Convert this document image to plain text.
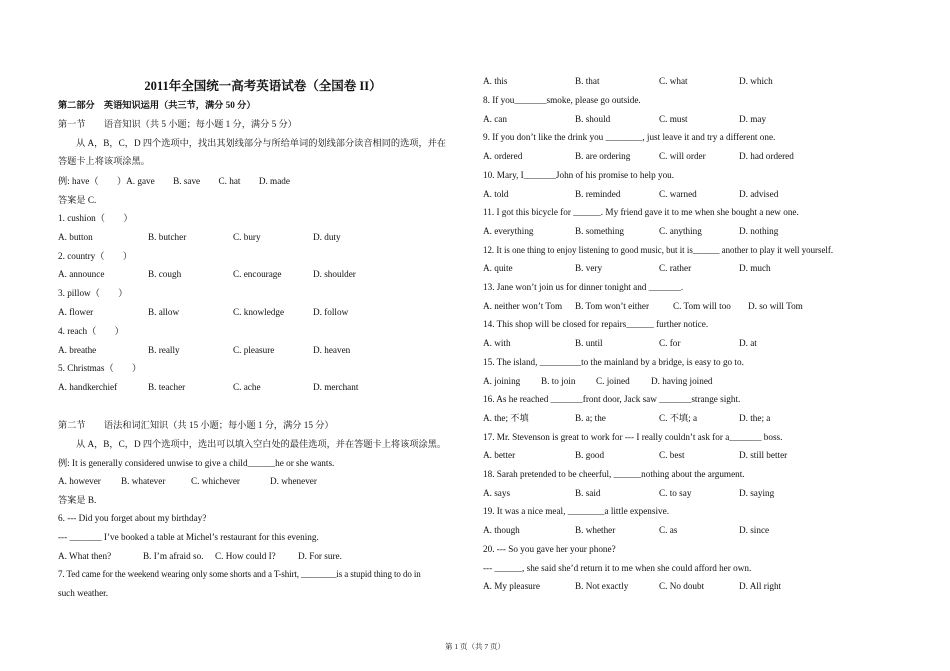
2011年全国统一高考英语试卷（全国卷 II）
第二部分　英语知识运用（共三节，满分 50 分）
第一节　　语音知识（共 5 小题；每小题 1 分，满分 5 分）
从 A，B，C，D 四个选项中，找出其划线部分与所给单词的划线部分读音相同的选项，并在
答题卡上将该项涂黑。
例: have（　　）A. gave　　B. save　　C. hat　　D. made
答案是 C.
1. cushion（　　）
A. button	B. butcher	C. bury	D. duty
2. country（　　）
A. announce	B. cough	C. encourage	D. shoulder
3. pillow（　　）
A. flower	B. allow	C. knowledge	D. follow
4. reach（　　）
A. breathe	B. really	C. pleasure	D. heaven
5. Christmas（　　）
A. handkerchief	B. teacher	C. ache	D. merchant
第二节　　语法和词汇知识（共 15 小题；每小题 1 分，满分 15 分）
从 A，B，C，D 四个选项中，选出可以填入空白处的最佳选项，并在答题卡上将该项涂黑。
例: It is generally considered unwise to give a child______he or she wants.
A. however B. whatever	C. whichever	D. whenever
答案是 B.
6. --- Did you forget about my birthday?
--- _______ I’ve booked a table at Michel’s restaurant for this evening.
A. What then?	B. I’m afraid so. C. How could I? D. For sure.
7. Ted came for the weekend wearing only some shorts and a T-shirt, ________is a stupid thing to do in
such weather.
A. this	B. that	C. what	D. which
8. If you_______smoke, please go outside.
A. can	B. should	C. must	D. may
9. If you don’t like the drink you ________, just leave it and try a different one.
A. ordered	B. are ordering	C. will order	D. had ordered
10. Mary, I_______John of his promise to help you.
A. told	B. reminded	C. warned	D. advised
11. I got this bicycle for ______. My friend gave it to me when she bought a new one.
A. everything	B. something	C. anything	D. nothing
12. It is one thing to enjoy listening to good music, but it is______ another to play it well yourself.
A. quite	B. very	C. rather	D. much
13. Jane won’t join us for dinner tonight and _______.
A. neither won’t Tom B. Tom won’t either	C. Tom will too D. so will Tom
14. This shop will be closed for repairs______ further notice.
A. with	B. until	C. for	D. at
15. The island, _________to the mainland by a bridge, is easy to go to.
A. joining B. to join C. joined D. having joined
16. As he reached _______front door, Jack saw _______strange sight.
A. the; 不填	B. a; the	C. 不填; a	D. the; a
17. Mr. Stevenson is great to work for --- I really couldn’t ask for a_______ boss.
A. better	B. good	C. best	D. still better
18. Sarah pretended to be cheerful, ______nothing about the argument.
A. says	B. said	C. to say	D. saying
19. It was a nice meal, ________a little expensive.
A. though	B. whether	C. as	D. since
20. --- So you gave her your phone?
--- ______, she said she’d return it to me when she could afford her own.
A. My pleasure	B. Not exactly	C. No doubt	D. All right
第 1 页（共 7 页）
